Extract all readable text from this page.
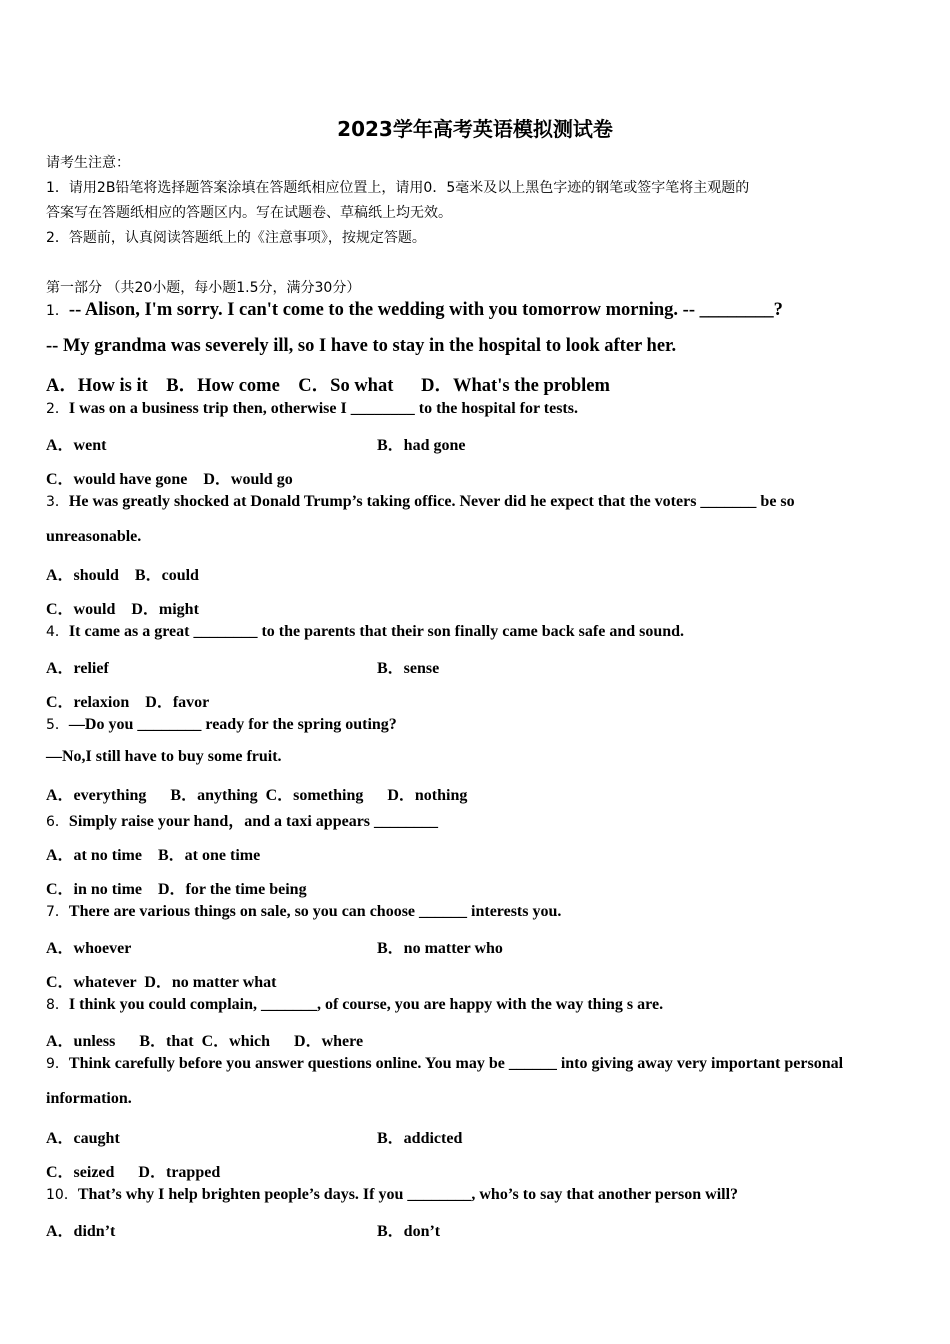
2023学年高考英语模拟测试卷
请考生注意：
1．请用2B铅笔将选择题答案涂填在答题纸相应位置上，请用0．5毫米及以上黑色字迹的钢笔或签字笔将主观题的
答案写在答题纸相应的答题区内。写在试题卷、草稿纸上均无效。
2．答题前，认真阅读答题纸上的《注意事项》，按规定答题。
第一部分 （共20小题，每小题1.5分，满分30分）
1．-- Alison, I'm sorry. I can't come to the wedding with you tomorrow morning. -- ________?
-- My grandma was severely ill, so I have to stay in the hospital to look after her.
A．How is it    B．How come    C．So what      D．What's the problem
2．I was on a business trip then, otherwise I ________ to the hospital for tests.
A．went	B．had gone
C．would have gone    D．would go
3．He was greatly shocked at Donald Trump’s taking office. Never did he expect that the voters _______ be so
unreasonable.
A．should    B．could
C．would    D．might
4．It came as a great ________ to the parents that their son finally came back safe and sound.
A．relief	B．sense
C．relaxion    D．favor
5．—Do you ________ ready for the spring outing?
—No,I still have to buy some fruit.
A．everything      B．anything  C．something      D．nothing
6．Simply raise your hand，and a taxi appears ________
A．at no time    B．at one time
C．in no time    D．for the time being
7．There are various things on sale, so you can choose ______ interests you.
A．whoever	B．no matter who
C．whatever  D．no matter what
8．I think you could complain, _______, of course, you are happy with the way thing s are.
A．unless      B．that  C．which      D．where
9．Think carefully before you answer questions online. You may be ______ into giving away very important personal
information.
A．caught	B．addicted
C．seized      D．trapped
10．That’s why I help brighten people’s days. If you ________, who’s to say that another person will?
A．didn’t	B．don’t
